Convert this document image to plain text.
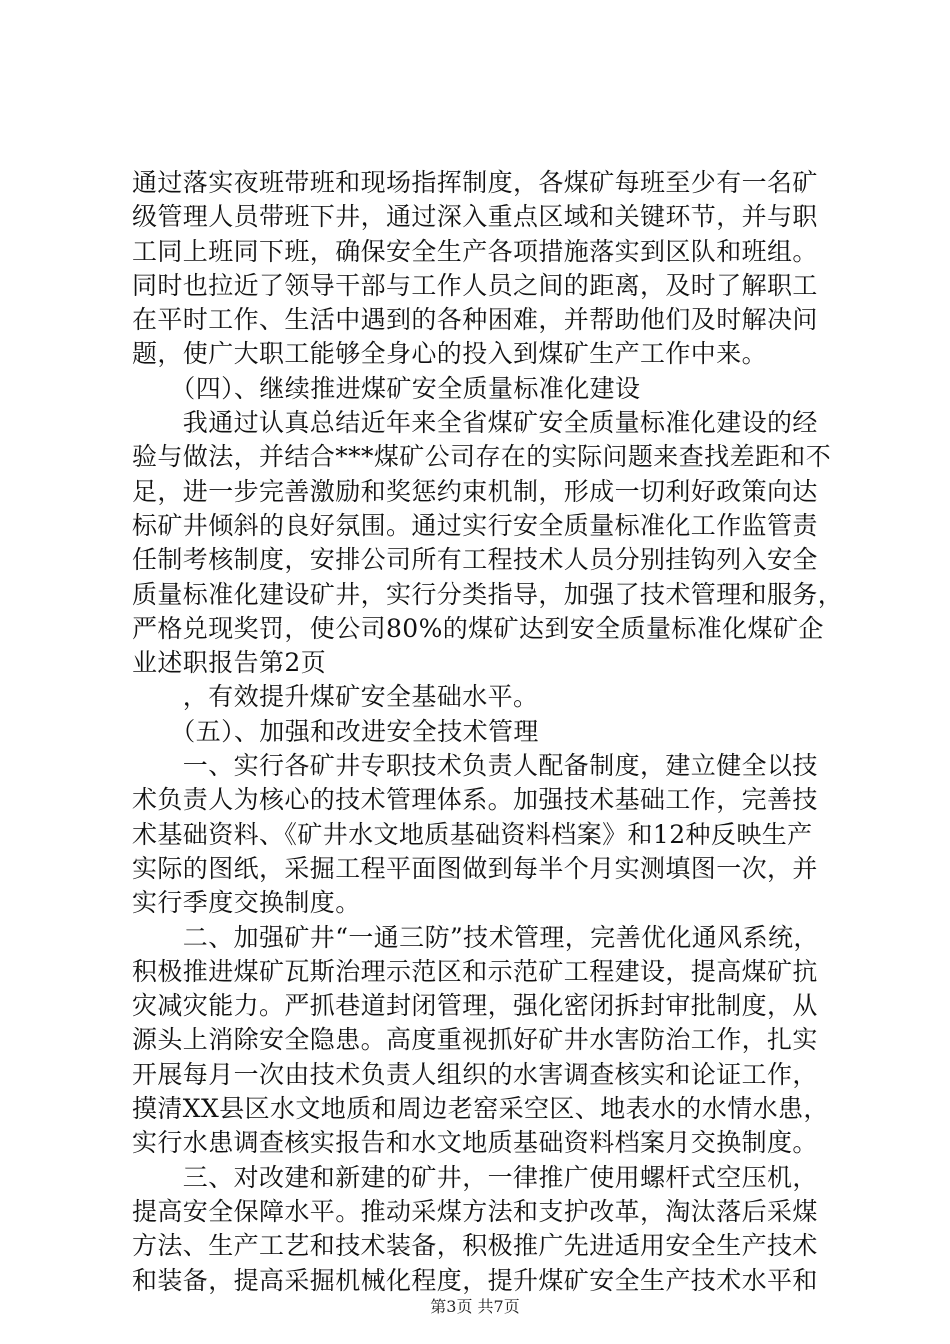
通过落实夜班带班和现场指挥制度，各煤矿每班至少有一名矿
级管理人员带班下井，通过深入重点区域和关键环节，并与职
工同上班同下班，确保安全生产各项措施落实到区队和班组。
同时也拉近了领导干部与工作人员之间的距离，及时了解职工
在平时工作、生活中遇到的各种困难，并帮助他们及时解决问
题，使广大职工能够全身心的投入到煤矿生产工作中来。
　　（四）、继续推进煤矿安全质量标准化建设
　　我通过认真总结近年来全省煤矿安全质量标准化建设的经
验与做法，并结合***煤矿公司存在的实际问题来查找差距和不
足，进一步完善激励和奖惩约束机制，形成一切利好政策向达
标矿井倾斜的良好氛围。通过实行安全质量标准化工作监管责
任制考核制度，安排公司所有工程技术人员分别挂钩列入安全
质量标准化建设矿井，实行分类指导，加强了技术管理和服务，
严格兑现奖罚，使公司80%的煤矿达到安全质量标准化煤矿企
业述职报告第2页
　　，有效提升煤矿安全基础水平。
　　（五）、加强和改进安全技术管理
　　一、实行各矿井专职技术负责人配备制度，建立健全以技
术负责人为核心的技术管理体系。加强技术基础工作，完善技
术基础资料、《矿井水文地质基础资料档案》和12种反映生产
实际的图纸，采掘工程平面图做到每半个月实测填图一次，并
实行季度交换制度。
　　二、加强矿井“一通三防”技术管理，完善优化通风系统，
积极推进煤矿瓦斯治理示范区和示范矿工程建设，提高煤矿抗
灾减灾能力。严抓巷道封闭管理，强化密闭拆封审批制度，从
源头上消除安全隐患。高度重视抓好矿井水害防治工作，扎实
开展每月一次由技术负责人组织的水害调查核实和论证工作，
摸清XX县区水文地质和周边老窑采空区、地表水的水情水患，
实行水患调查核实报告和水文地质基础资料档案月交换制度。
　　三、对改建和新建的矿井，一律推广使用螺杆式空压机，
提高安全保障水平。推动采煤方法和支护改革，淘汰落后采煤
方法、生产工艺和技术装备，积极推广先进适用安全生产技术
和装备，提高采掘机械化程度，提升煤矿安全生产技术水平和
第3页 共7页
